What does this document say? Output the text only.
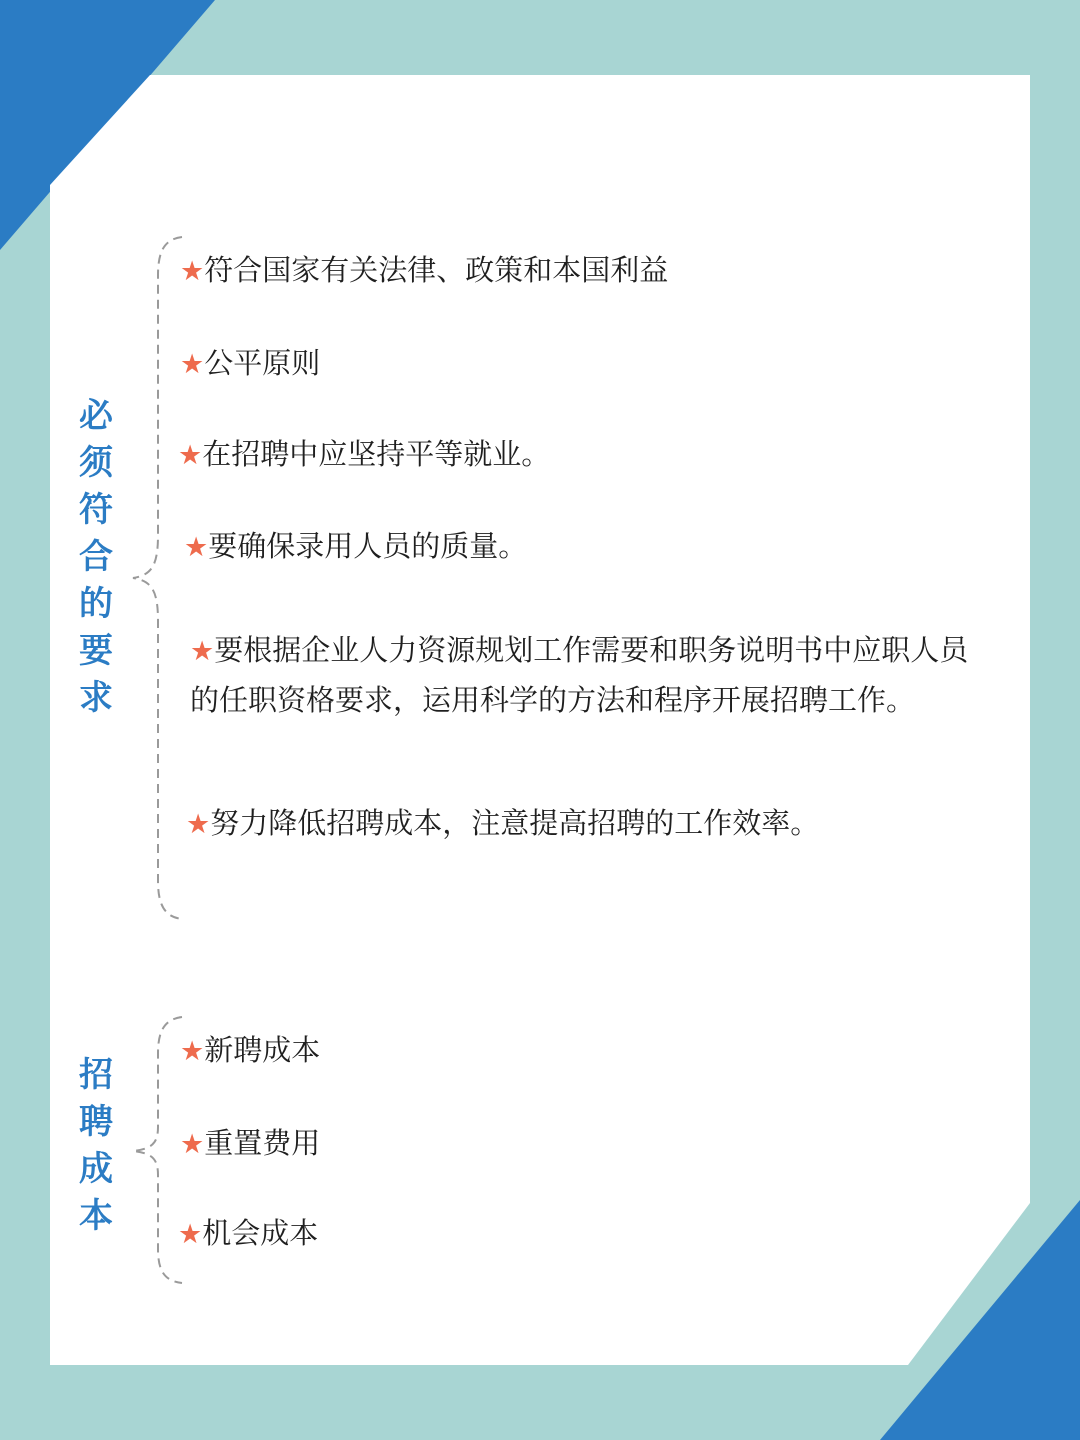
必须符合的要求
★符合国家有关法律、政策和本国利益
★公平原则
★在招聘中应坚持平等就业。
★要确保录用人员的质量。
★要根据企业人力资源规划工作需要和职务说明书中应职人员的任职资格要求，运用科学的方法和程序开展招聘工作。
★努力降低招聘成本，注意提高招聘的工作效率。
招聘成本
★新聘成本
★重置费用
★机会成本
